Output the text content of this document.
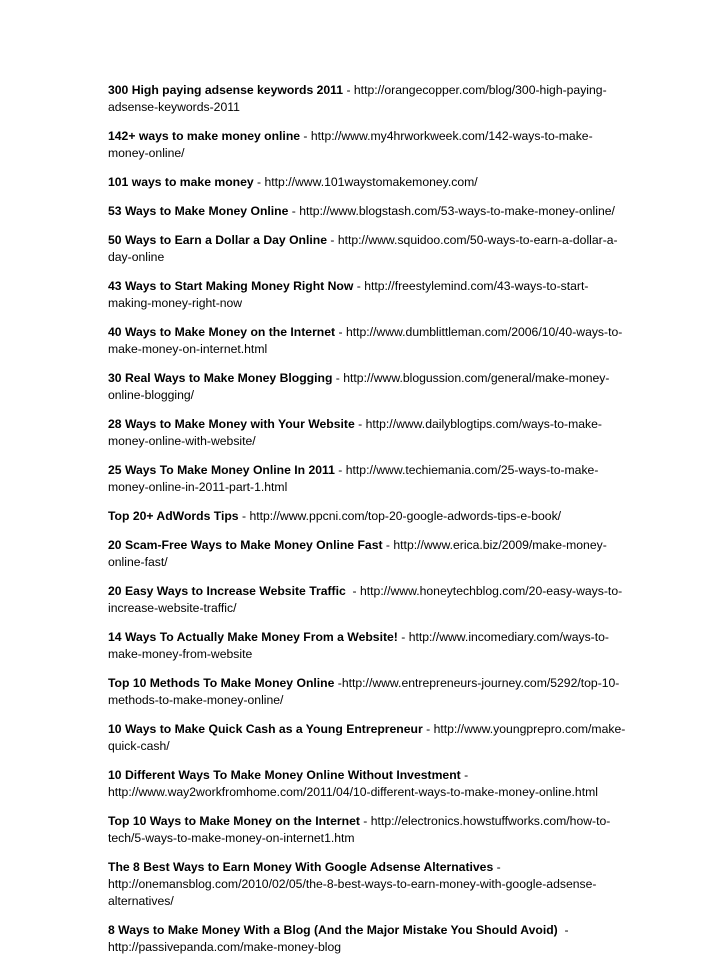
300 High paying adsense keywords 2011 - http://orangecopper.com/blog/300-high-paying-adsense-keywords-2011

142+ ways to make money online - http://www.my4hrworkweek.com/142-ways-to-make-money-online/

101 ways to make money - http://www.101waystomakemoney.com/

53 Ways to Make Money Online - http://www.blogstash.com/53-ways-to-make-money-online/

50 Ways to Earn a Dollar a Day Online - http://www.squidoo.com/50-ways-to-earn-a-dollar-a-day-online

43 Ways to Start Making Money Right Now - http://freestylemind.com/43-ways-to-start-making-money-right-now

40 Ways to Make Money on the Internet - http://www.dumblittleman.com/2006/10/40-ways-to-make-money-on-internet.html

30 Real Ways to Make Money Blogging - http://www.blogussion.com/general/make-money-online-blogging/

28 Ways to Make Money with Your Website - http://www.dailyblogtips.com/ways-to-make-money-online-with-website/

25 Ways To Make Money Online In 2011 - http://www.techiemania.com/25-ways-to-make-money-online-in-2011-part-1.html

Top 20+ AdWords Tips - http://www.ppcni.com/top-20-google-adwords-tips-e-book/

20 Scam-Free Ways to Make Money Online Fast - http://www.erica.biz/2009/make-money-online-fast/

20 Easy Ways to Increase Website Traffic  - http://www.honeytechblog.com/20-easy-ways-to-increase-website-traffic/

14 Ways To Actually Make Money From a Website! - http://www.incomediary.com/ways-to-make-money-from-website

Top 10 Methods To Make Money Online -http://www.entrepreneurs-journey.com/5292/top-10-methods-to-make-money-online/

10 Ways to Make Quick Cash as a Young Entrepreneur - http://www.youngprepro.com/make-quick-cash/

10 Different Ways To Make Money Online Without Investment -
http://www.way2workfromhome.com/2011/04/10-different-ways-to-make-money-online.html

Top 10 Ways to Make Money on the Internet - http://electronics.howstuffworks.com/how-to-tech/5-ways-to-make-money-on-internet1.htm

The 8 Best Ways to Earn Money With Google Adsense Alternatives -
http://onemansblog.com/2010/02/05/the-8-best-ways-to-earn-money-with-google-adsense-alternatives/

8 Ways to Make Money With a Blog (And the Major Mistake You Should Avoid)  -
http://passivepanda.com/make-money-blog
